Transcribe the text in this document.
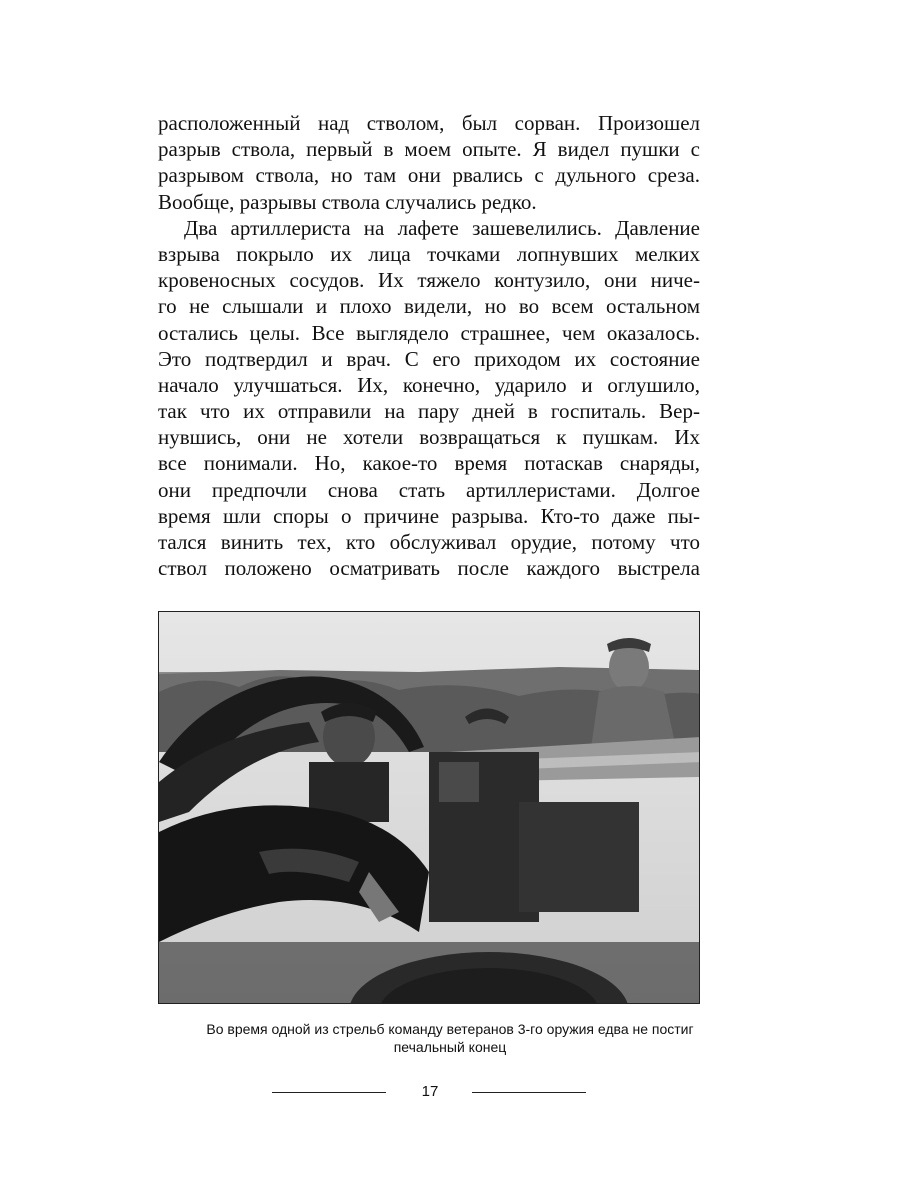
расположенный над стволом, был сорван. Произошел
разрыв ствола, первый в моем опыте. Я видел пушки с
разрывом ствола, но там они рвались с дульного среза.
Вообще, разрывы ствола случались редко.
Два артиллериста на лафете зашевелились. Давление
взрыва покрыло их лица точками лопнувших мелких
кровеносных сосудов. Их тяжело контузило, они ниче-
го не слышали и плохо видели, но во всем остальном
остались целы. Все выглядело страшнее, чем оказалось.
Это подтвердил и врач. С его приходом их состояние
начало улучшаться. Их, конечно, ударило и оглушило,
так что их отправили на пару дней в госпиталь. Вер-
нувшись, они не хотели возвращаться к пушкам. Их
все понимали. Но, какое-то время потаскав снаряды,
они предпочли снова стать артиллеристами. Долгое
время шли споры о причине разрыва. Кто-то даже пы-
тался винить тех, кто обслуживал орудие, потому что
ствол положено осматривать после каждого выстрела
Во время одной из стрельб команду ветеранов 3-го оружия едва не постиг
печальный конец
17
